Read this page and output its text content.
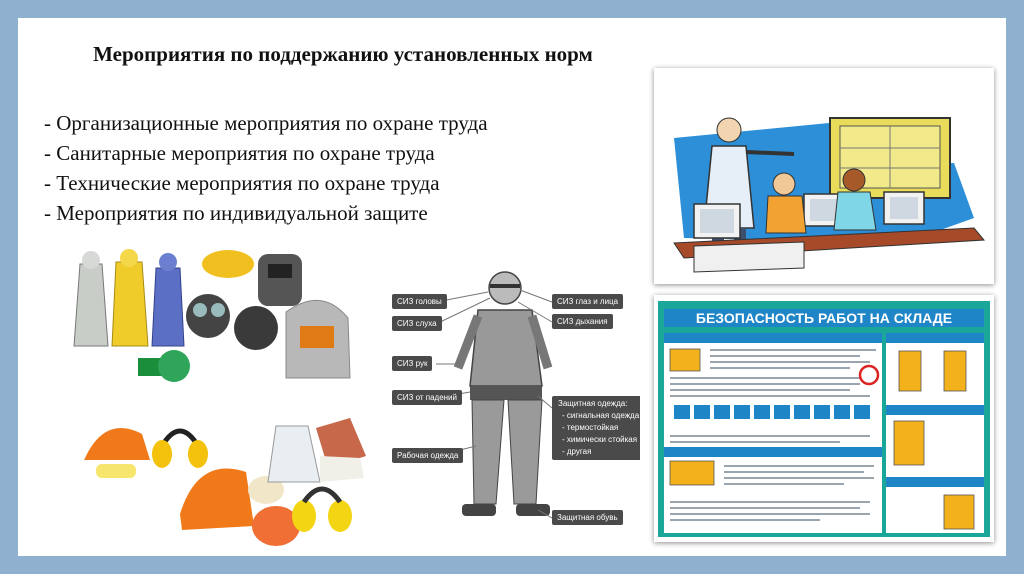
Мероприятия по поддержанию установленных норм
- Организационные мероприятия по охране труда
- Санитарные мероприятия по охране труда
- Технические мероприятия по охране труда
- Мероприятия по индивидуальной защите
БЕЗОПАСНОСТЬ РАБОТ НА СКЛАДЕ
СИЗ головы
СИЗ слуха
СИЗ рук
СИЗ от падений
Рабочая одежда
СИЗ глаз и лица
СИЗ дыхания
Защитная одежда:
- сигнальная одежда
- термостойкая
- химически стойкая
- другая
Защитная обувь
